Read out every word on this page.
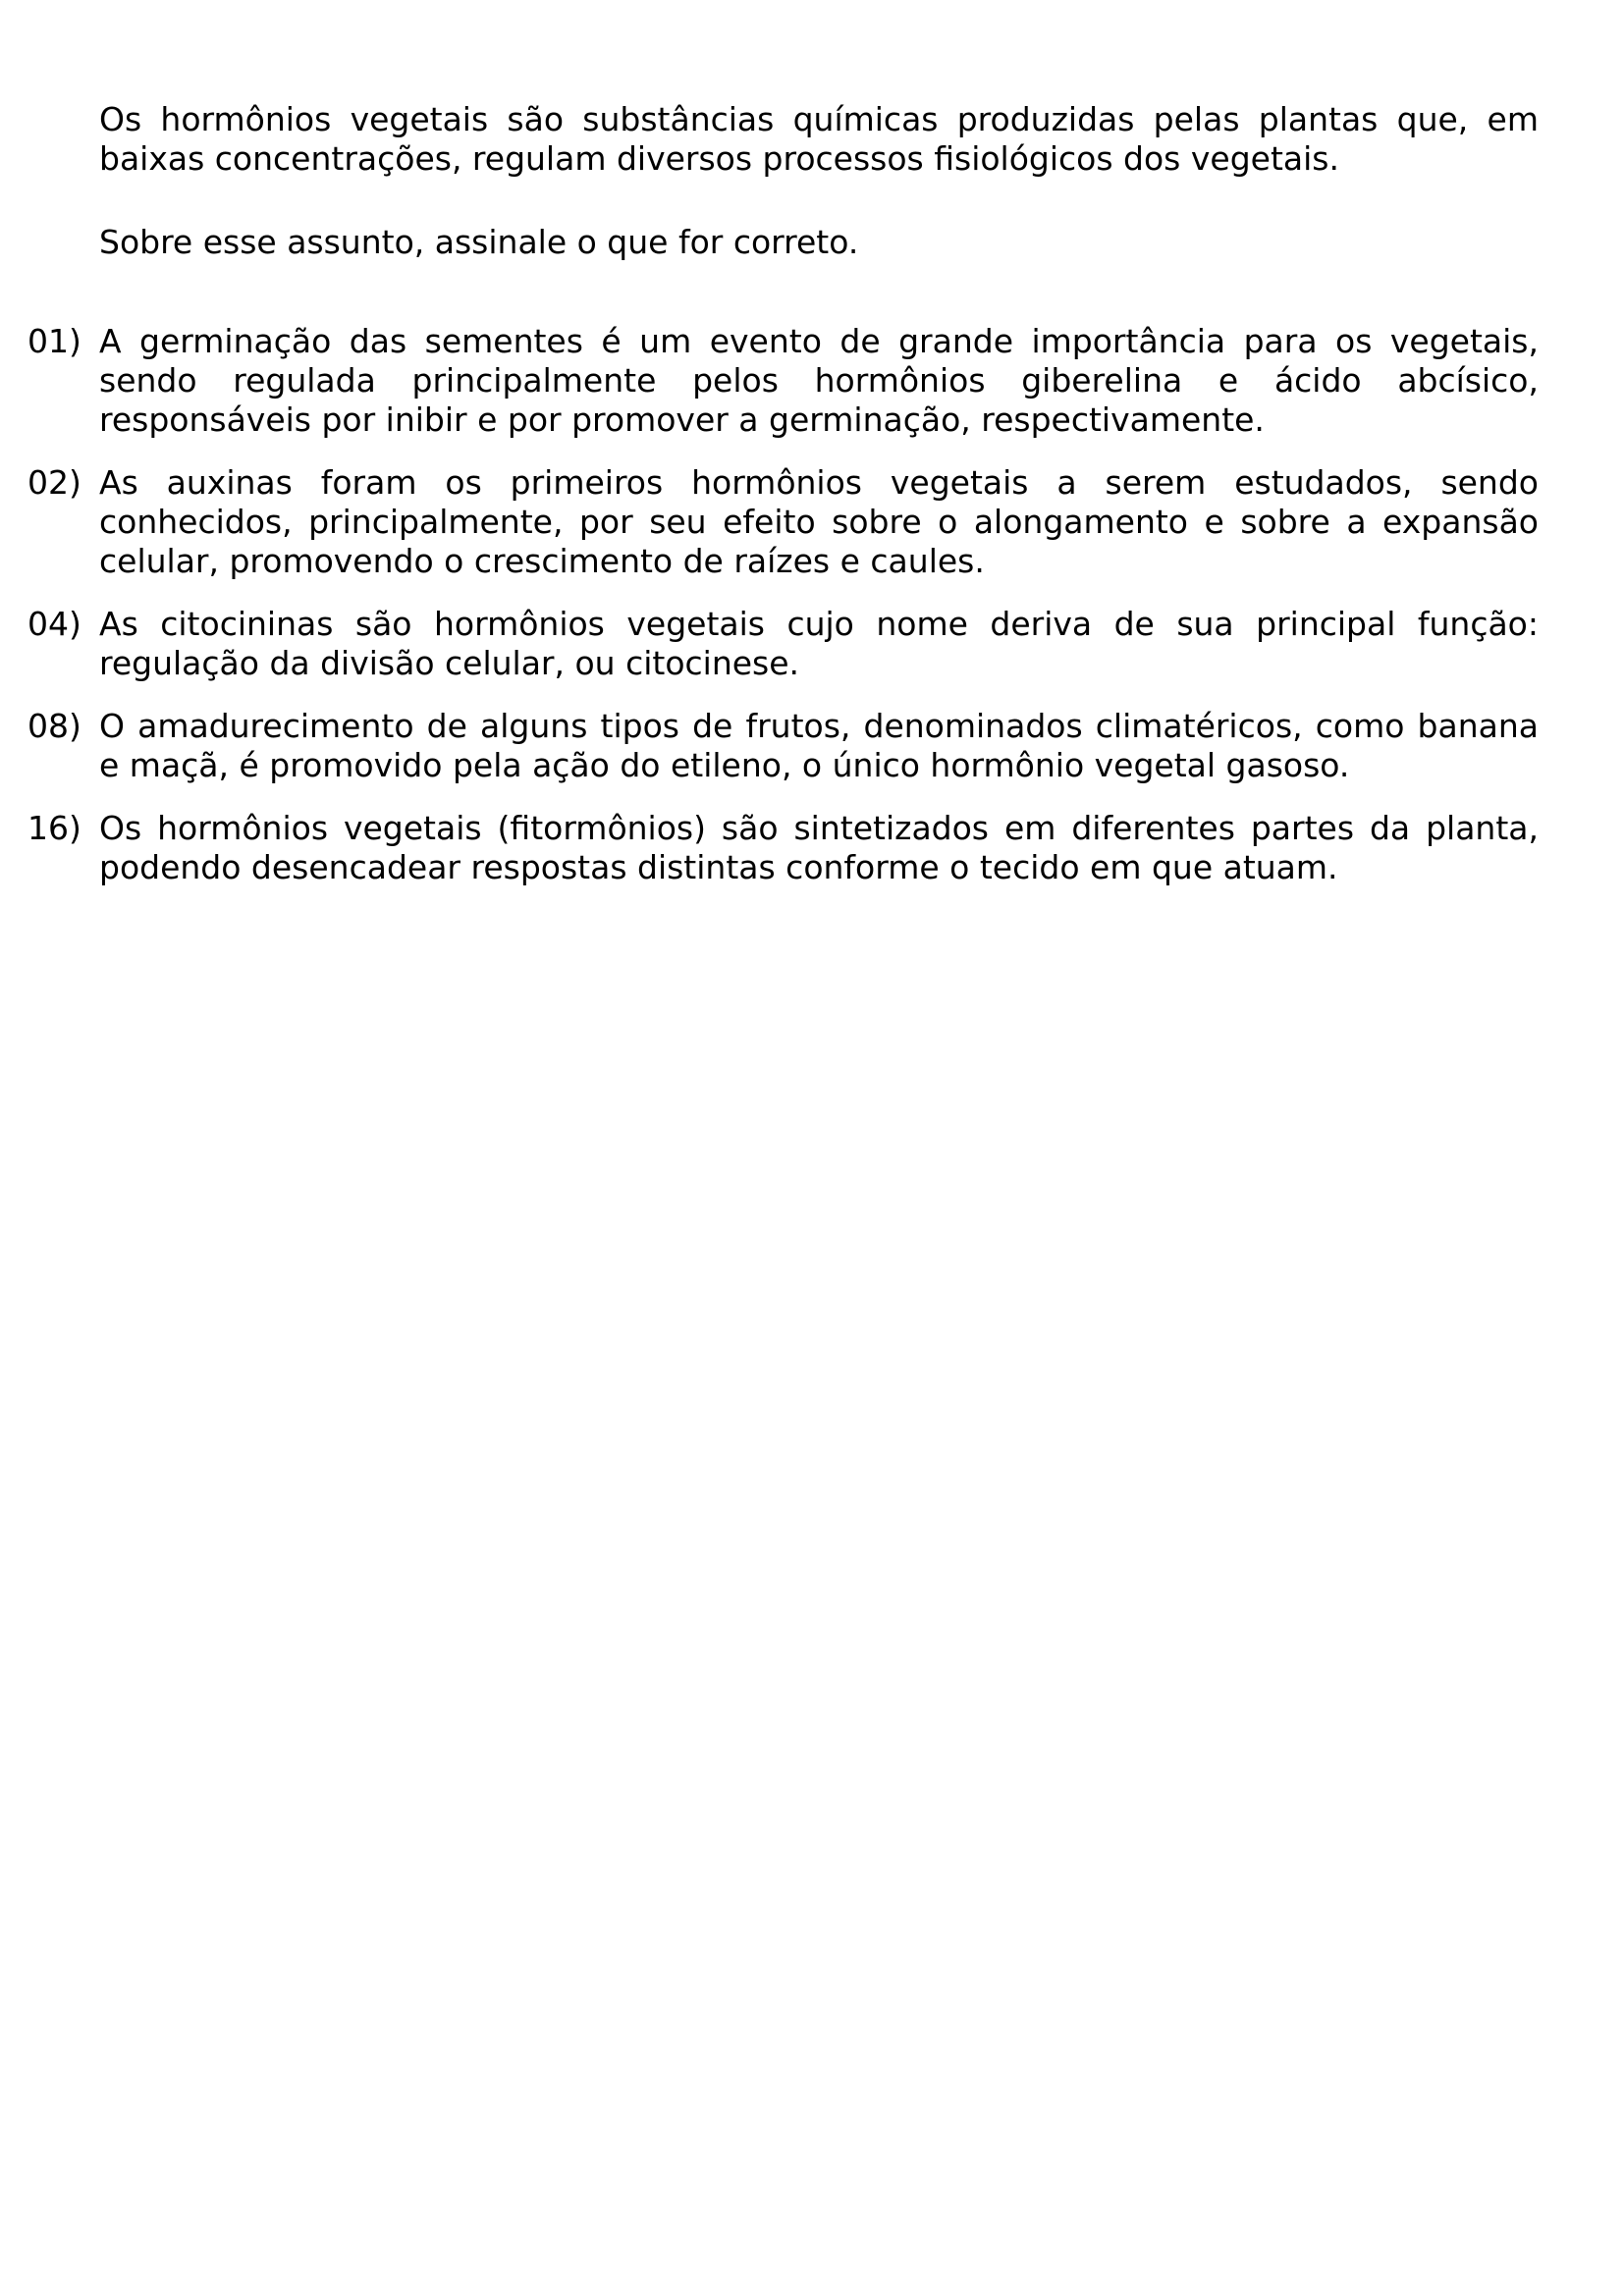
Os hormônios vegetais são substâncias químicas produzidas pelas plantas que, em baixas concentrações, regulam diversos processos fisiológicos dos vegetais.

Sobre esse assunto, assinale o que for correto.

01) A germinação das sementes é um evento de grande importância para os vegetais, sendo regulada principalmente pelos hormônios giberelina e ácido abcísico, responsáveis por inibir e por promover a germinação, respectivamente.
02) As auxinas foram os primeiros hormônios vegetais a serem estudados, sendo conhecidos, principalmente, por seu efeito sobre o alongamento e sobre a expansão celular, promovendo o crescimento de raízes e caules.
04) As citocininas são hormônios vegetais cujo nome deriva de sua principal função: regulação da divisão celular, ou citocinese.
08) O amadurecimento de alguns tipos de frutos, denominados climatéricos, como banana e maçã, é promovido pela ação do etileno, o único hormônio vegetal gasoso.
16) Os hormônios vegetais (fitormônios) são sintetizados em diferentes partes da planta, podendo desencadear respostas distintas conforme o tecido em que atuam.
